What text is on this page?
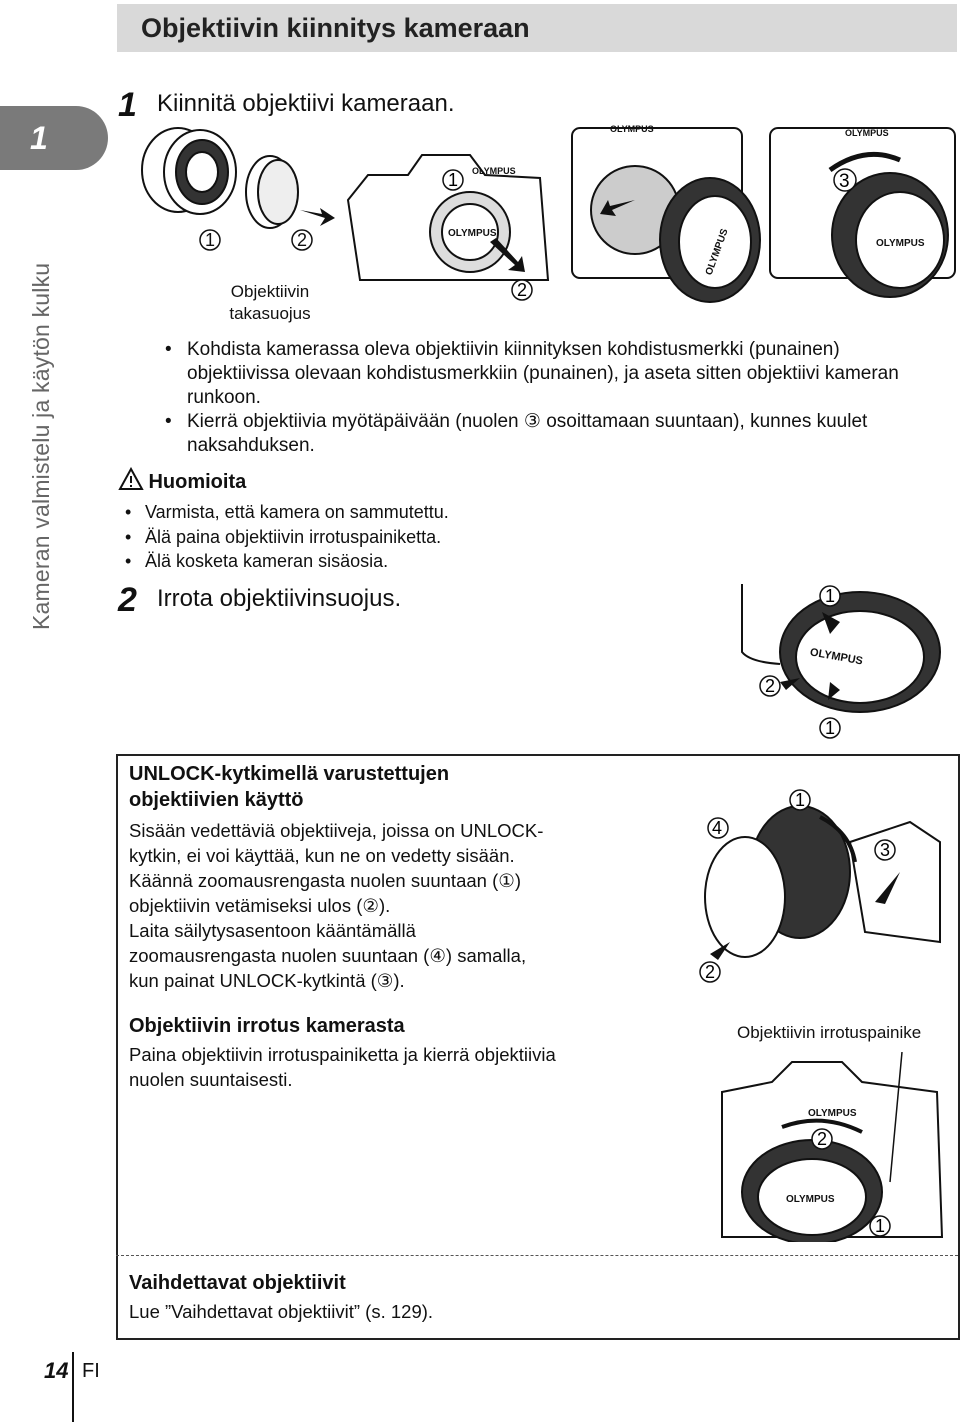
Objektiivin kiinnitys kameraan
1
Kameran valmistelu ja käytön kulku
1 Kiinnitä objektiivi kameraan.
1	2	OLYMPUS
OLYMPUS
1
2
OLYMPUS
OLYMPUS
OLYMPUS
OLYMPUS
3
Objektiivin
takasuojus
• Kohdista kamerassa oleva objektiivin kiinnityksen kohdistusmerkki (punainen)
objektiivissa olevaan kohdistusmerkkiin (punainen), ja aseta sitten objektiivi kameran
runkoon.
• Kierrä objektiivia myötäpäivään (nuolen ③ osoittamaan suuntaan), kunnes kuulet
naksahduksen.
Huomioita
• Varmista, että kamera on sammutettu.
• Älä paina objektiivin irrotuspainiketta.
• Älä kosketa kameran sisäosia.
2 Irrota objektiivinsuojus.
OLYMPUS
1
2
1
UNLOCK-kytkimellä varustettujen
objektiivien käyttö
Sisään vedettäviä objektiiveja, joissa on UNLOCK-
kytkin, ei voi käyttää, kun ne on vedetty sisään.
Käännä zoomausrengasta nuolen suuntaan (①)
objektiivin vetämiseksi ulos (②).
Laita säilytysasentoon kääntämällä
zoomausrengasta nuolen suuntaan (④) samalla,
kun painat UNLOCK-kytkintä (③).
4
1
3
2
Objektiivin irrotus kamerasta
Paina objektiivin irrotuspainiketta ja kierrä objektiivia
nuolen suuntaisesti.
Objektiivin irrotuspainike
OLYMPUS
OLYMPUS
2
1
Vaihdettavat objektiivit
Lue ”Vaihdettavat objektiivit” (s. 129).
14 FI
